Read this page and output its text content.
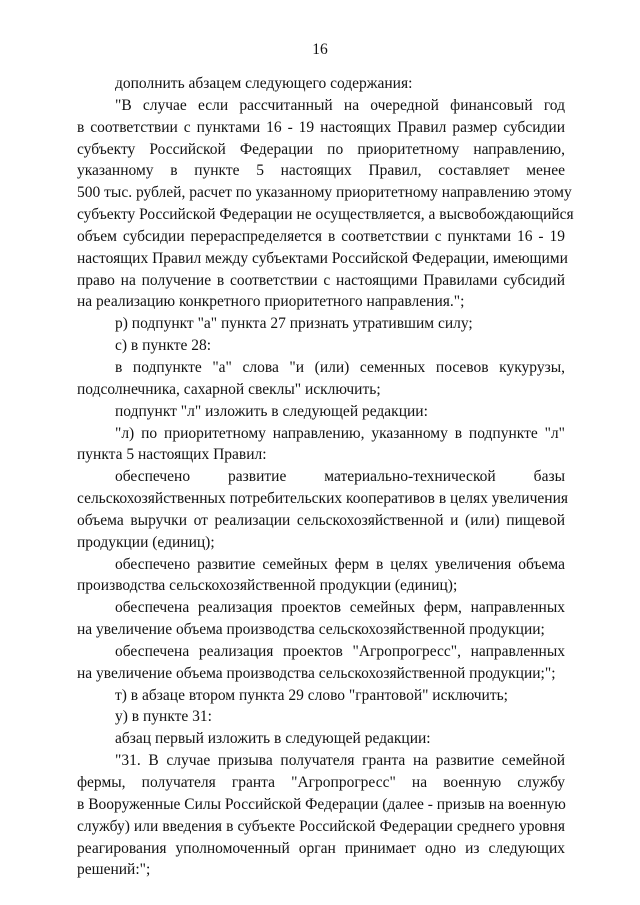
16
дополнить абзацем следующего содержания:
"В случае если рассчитанный на очередной финансовый год
в соответствии с пунктами 16 - 19 настоящих Правил размер субсидии
субъекту Российской Федерации по приоритетному направлению,
указанному в пункте 5 настоящих Правил, составляет менее
500 тыс. рублей, расчет по указанному приоритетному направлению этому
субъекту Российской Федерации не осуществляется, а высвобождающийся
объем субсидии перераспределяется в соответствии с пунктами 16 - 19
настоящих Правил между субъектами Российской Федерации, имеющими
право на получение в соответствии с настоящими Правилами субсидий
на реализацию конкретного приоритетного направления.";
р) подпункт "а" пункта 27 признать утратившим силу;
с) в пункте 28:
в подпункте "а" слова "и (или) семенных посевов кукурузы,
подсолнечника, сахарной свеклы" исключить;
подпункт "л" изложить в следующей редакции:
"л) по приоритетному направлению, указанному в подпункте "л"
пункта 5 настоящих Правил:
обеспечено развитие материально-технической базы
сельскохозяйственных потребительских кооперативов в целях увеличения
объема выручки от реализации сельскохозяйственной и (или) пищевой
продукции (единиц);
обеспечено развитие семейных ферм в целях увеличения объема
производства сельскохозяйственной продукции (единиц);
обеспечена реализация проектов семейных ферм, направленных
на увеличение объема производства сельскохозяйственной продукции;
обеспечена реализация проектов "Агропрогресс", направленных
на увеличение объема производства сельскохозяйственной продукции;";
т) в абзаце втором пункта 29 слово "грантовой" исключить;
у) в пункте 31:
абзац первый изложить в следующей редакции:
"31. В случае призыва получателя гранта на развитие семейной
фермы, получателя гранта "Агропрогресс" на военную службу
в Вооруженные Силы Российской Федерации (далее - призыв на военную
службу) или введения в субъекте Российской Федерации среднего уровня
реагирования уполномоченный орган принимает одно из следующих
решений:";
